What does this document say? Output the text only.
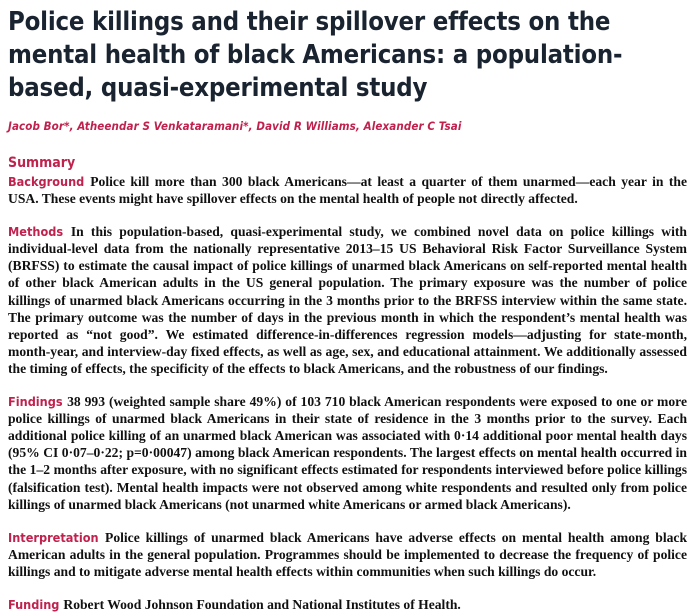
Police killings and their spillover effects on the mental health of black Americans: a population-based, quasi-experimental study

Jacob Bor*, Atheendar S Venkataramani*, David R Williams, Alexander C Tsai

Summary

Background Police kill more than 300 black Americans—at least a quarter of them unarmed—each year in the USA. These events might have spillover effects on the mental health of people not directly affected.

Methods In this population-based, quasi-experimental study, we combined novel data on police killings with individual-level data from the nationally representative 2013–15 US Behavioral Risk Factor Surveillance System (BRFSS) to estimate the causal impact of police killings of unarmed black Americans on self-reported mental health of other black American adults in the US general population. The primary exposure was the number of police killings of unarmed black Americans occurring in the 3 months prior to the BRFSS interview within the same state. The primary outcome was the number of days in the previous month in which the respondent’s mental health was reported as “not good”. We estimated difference-in-differences regression models—adjusting for state-month, month-year, and interview-day fixed effects, as well as age, sex, and educational attainment. We additionally assessed the timing of effects, the specificity of the effects to black Americans, and the robustness of our findings.

Findings 38 993 (weighted sample share 49%) of 103 710 black American respondents were exposed to one or more police killings of unarmed black Americans in their state of residence in the 3 months prior to the survey. Each additional police killing of an unarmed black American was associated with 0·14 additional poor mental health days (95% CI 0·07–0·22; p=0·00047) among black American respondents. The largest effects on mental health occurred in the 1–2 months after exposure, with no significant effects estimated for respondents interviewed before police killings (falsification test). Mental health impacts were not observed among white respondents and resulted only from police killings of unarmed black Americans (not unarmed white Americans or armed black Americans).

Interpretation Police killings of unarmed black Americans have adverse effects on mental health among black American adults in the general population. Programmes should be implemented to decrease the frequency of police killings and to mitigate adverse mental health effects within communities when such killings do occur.

Funding Robert Wood Johnson Foundation and National Institutes of Health.
